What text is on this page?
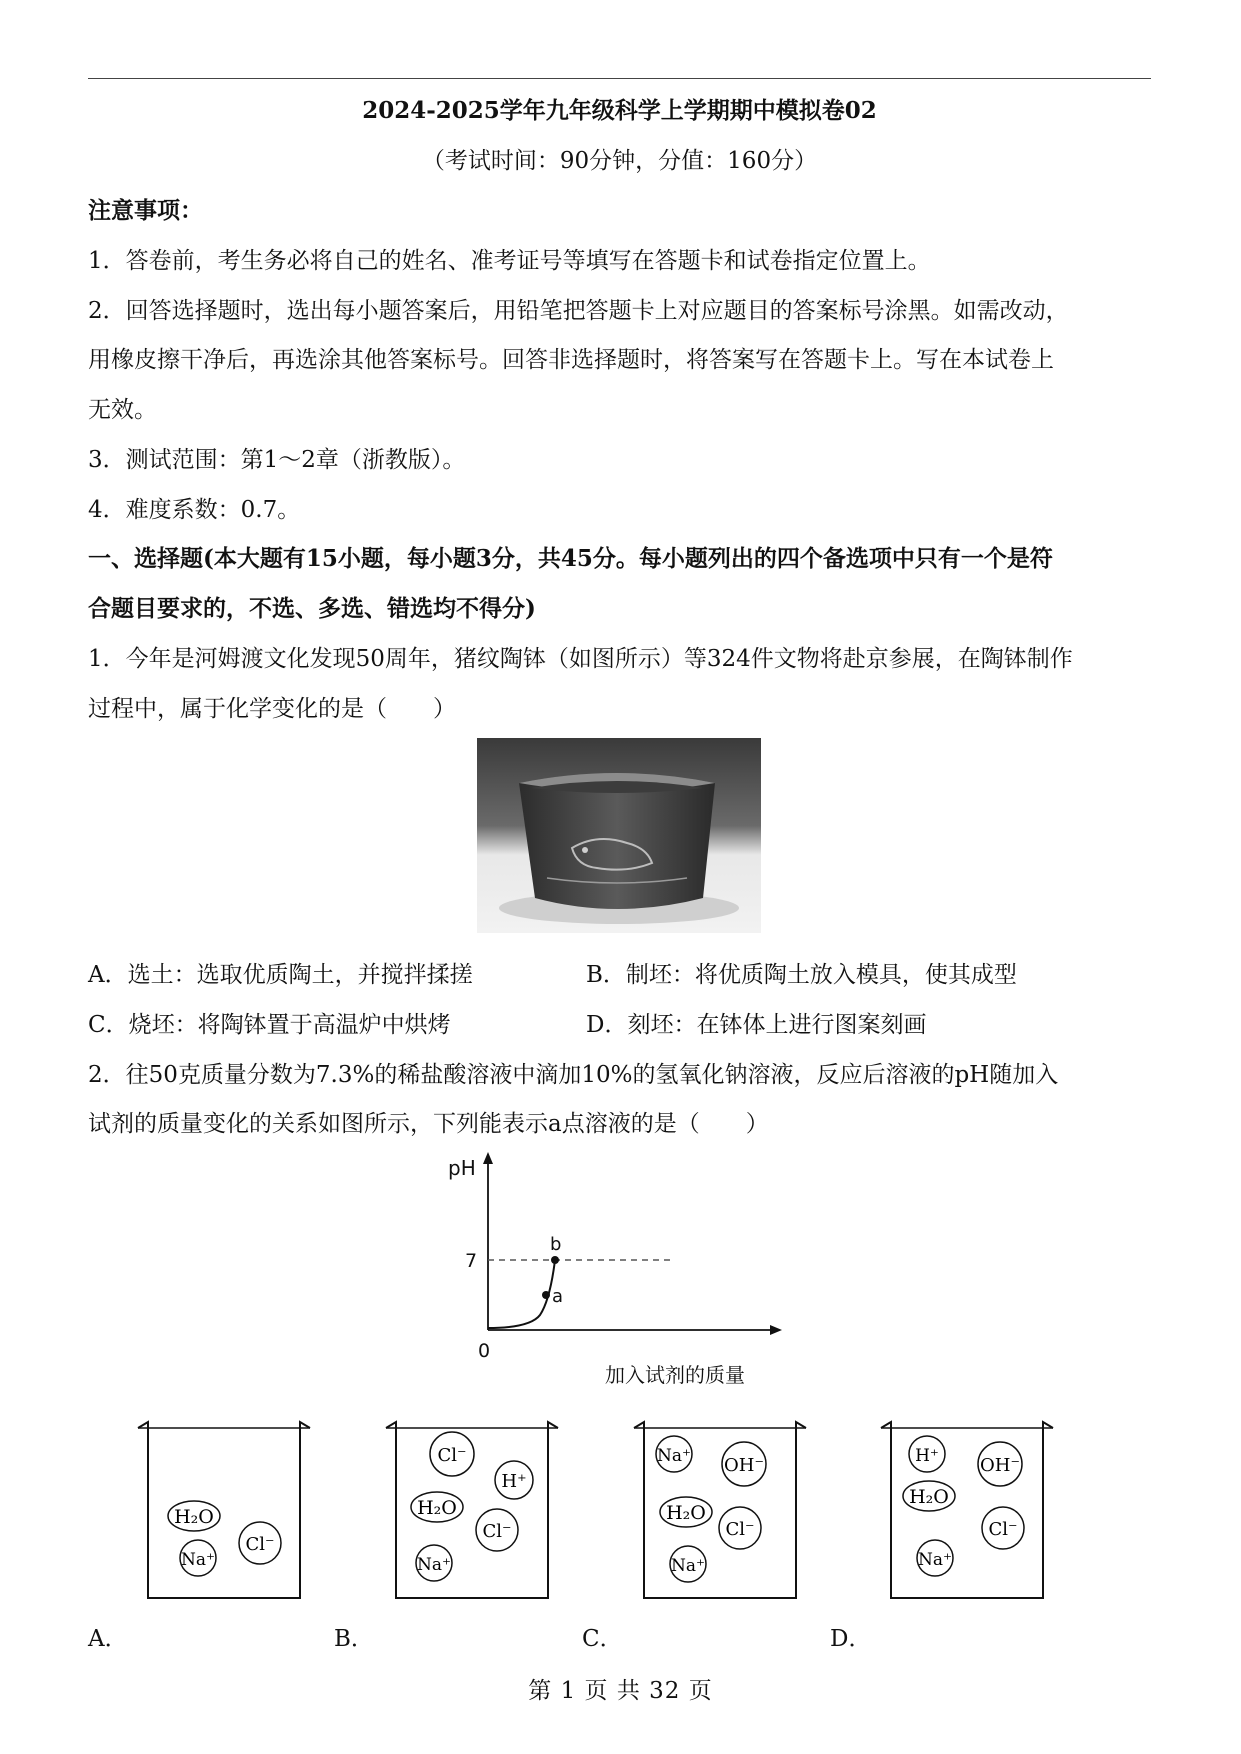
2024-2025学年九年级科学上学期期中模拟卷02
（考试时间：90分钟，分值：160分）
注意事项：
1．答卷前，考生务必将自己的姓名、准考证号等填写在答题卡和试卷指定位置上。
2．回答选择题时，选出每小题答案后，用铅笔把答题卡上对应题目的答案标号涂黑。如需改动，
用橡皮擦干净后，再选涂其他答案标号。回答非选择题时，将答案写在答题卡上。写在本试卷上
无效。
3．测试范围：第1～2章（浙教版）。
4．难度系数：0.7。
一、选择题(本大题有15小题，每小题3分，共45分。每小题列出的四个备选项中只有一个是符
合题目要求的，不选、多选、错选均不得分)
1．今年是河姆渡文化发现50周年，猪纹陶钵（如图所示）等324件文物将赴京参展，在陶钵制作
过程中，属于化学变化的是（　　）
A．选土：选取优质陶土，并搅拌揉搓	B．制坯：将优质陶土放入模具，使其成型
C．烧坯：将陶钵置于高温炉中烘烤	D．刻坯：在钵体上进行图案刻画
2．往50克质量分数为7.3%的稀盐酸溶液中滴加10%的氢氧化钠溶液，反应后溶液的pH随加入
试剂的质量变化的关系如图所示，下列能表示a点溶液的是（　　）
pH
7
0
a
b
加入试剂的质量
H₂O
Na⁺
Cl⁻
A．
Cl⁻
H⁺
H₂O
Cl⁻
Na⁺
B．
Na⁺ OH⁻
H₂O
Cl⁻
Na⁺
C．
H⁺ OH⁻
H₂O
Cl⁻
Na⁺
D．
第 1 页 共 32 页
